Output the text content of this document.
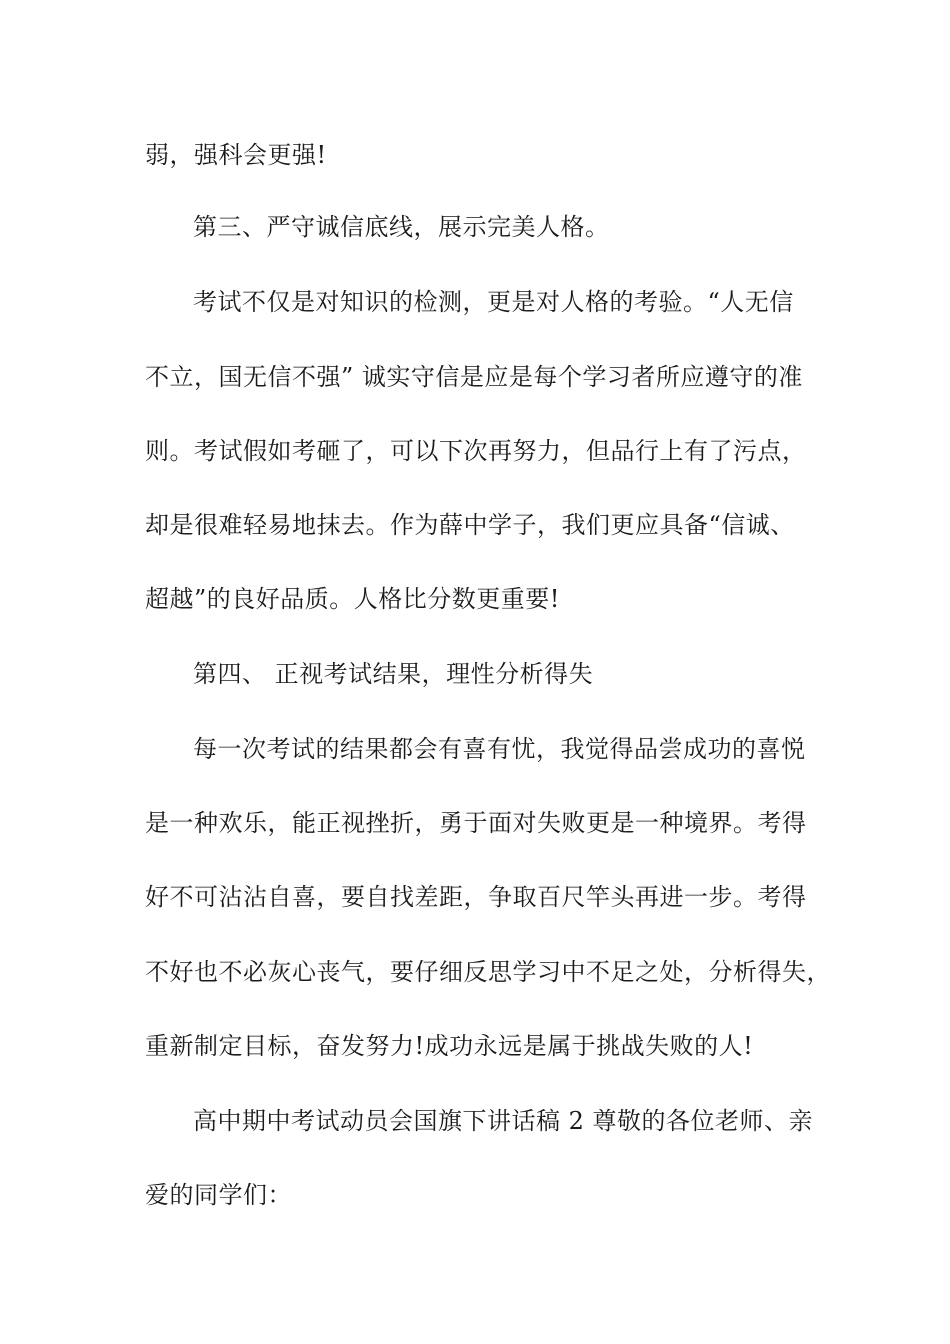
弱，强科会更强!
第三、严守诚信底线，展示完美人格。
考试不仅是对知识的检测，更是对人格的考验。“人无信
不立，国无信不强” 诚实守信是应是每个学习者所应遵守的准
则。考试假如考砸了，可以下次再努力，但品行上有了污点，
却是很难轻易地抹去。作为薛中学子，我们更应具备“信诚、
超越”的良好品质。人格比分数更重要!
第四、 正视考试结果，理性分析得失
每一次考试的结果都会有喜有忧，我觉得品尝成功的喜悦
是一种欢乐，能正视挫折，勇于面对失败更是一种境界。考得
好不可沾沾自喜，要自找差距，争取百尺竿头再进一步。考得
不好也不必灰心丧气，要仔细反思学习中不足之处，分析得失，
重新制定目标，奋发努力!成功永远是属于挑战失败的人!
高中期中考试动员会国旗下讲话稿 2 尊敬的各位老师、亲
爱的同学们：
